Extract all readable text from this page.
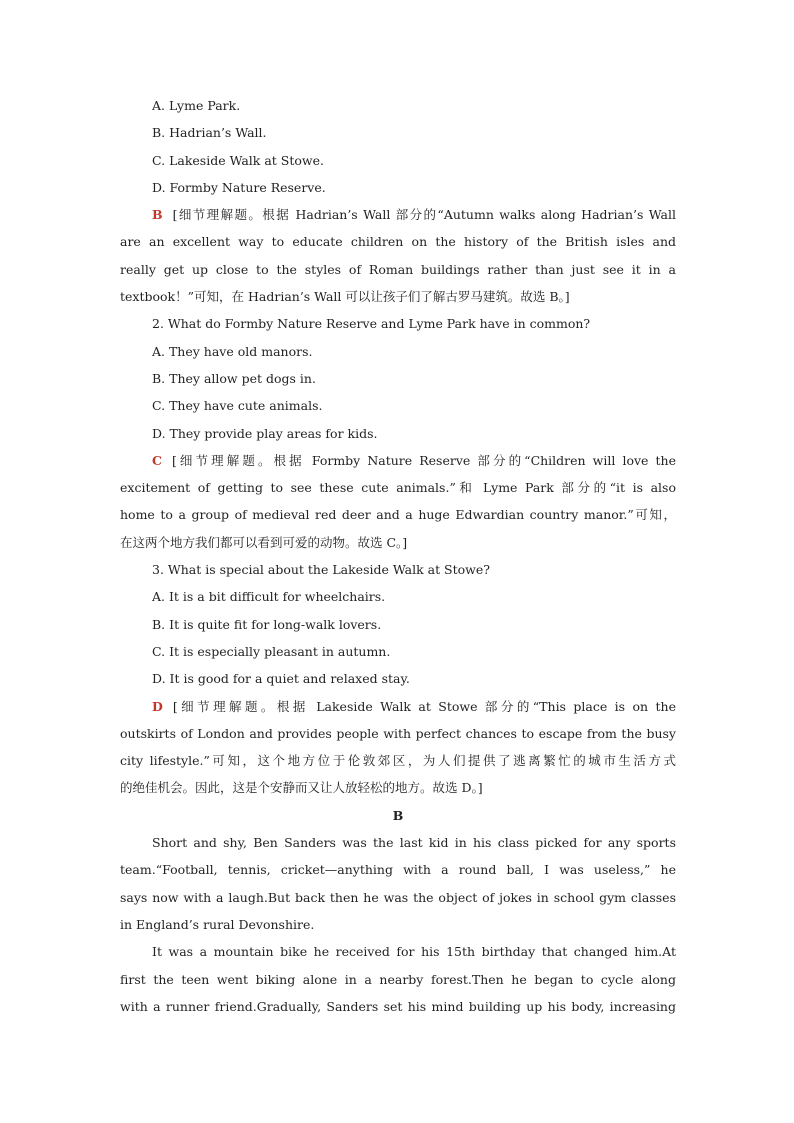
A. Lyme Park.
B. Hadrian’s Wall.
C. Lakeside Walk at Stowe.
D. Formby Nature Reserve.
B [细节理解题。根据 Hadrian’s Wall 部分的“Autumn walks along Hadrian’s Wall
are an excellent way to educate children on the history of the British isles and
really get up close to the styles of Roman buildings rather than just see it in a
textbook！”可知，在 Hadrian’s Wall 可以让孩子们了解古罗马建筑。故选 B。]
2. What do Formby Nature Reserve and Lyme Park have in common?
A. They have old manors.
B. They allow pet dogs in.
C. They have cute animals.
D. They provide play areas for kids.
C [细节理解题。根据 Formby Nature Reserve 部分的“Children will love the
excitement of getting to see these cute animals.”和 Lyme Park 部分的“it is also
home to a group of medieval red deer and a huge Edwardian country manor.”可知，
在这两个地方我们都可以看到可爱的动物。故选 C。]
3. What is special about the Lakeside Walk at Stowe?
A. It is a bit difficult for wheelchairs.
B. It is quite fit for long-walk lovers.
C. It is especially pleasant in autumn.
D. It is good for a quiet and relaxed stay.
D [细节理解题。根据 Lakeside Walk at Stowe 部分的“This place is on the
outskirts of London and provides people with perfect chances to escape from the busy
city lifestyle.”可知，这个地方位于伦敦郊区，为人们提供了逃离繁忙的城市生活方式
的绝佳机会。因此，这是个安静而又让人放轻松的地方。故选 D。]
B
Short and shy, Ben Sanders was the last kid in his class picked for any sports
team.“Football, tennis, cricket—anything with a round ball, I was useless,” he
says now with a laugh.But back then he was the object of jokes in school gym classes
in England’s rural Devonshire.
It was a mountain bike he received for his 15th birthday that changed him.At
first the teen went biking alone in a nearby forest.Then he began to cycle along
with a runner friend.Gradually, Sanders set his mind building up his body, increasing
